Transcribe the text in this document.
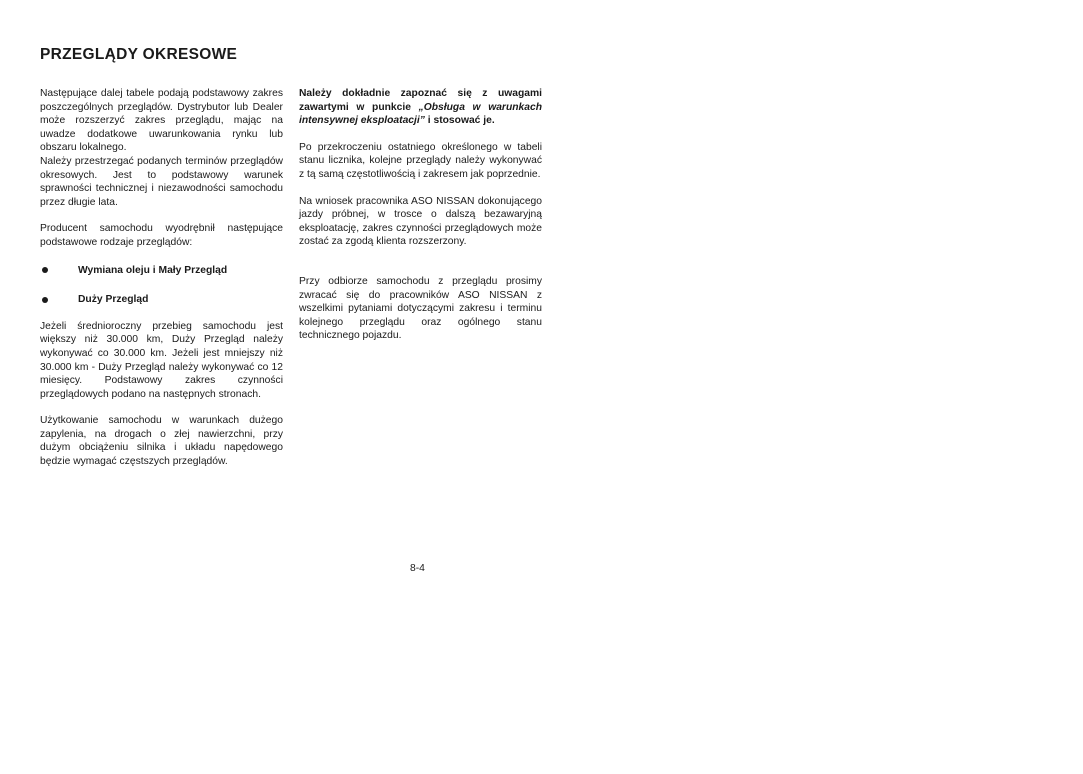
PRZEGLĄDY OKRESOWE

Następujące dalej tabele podają podstawowy zakres poszczególnych przeglądów. Dystrybutor lub Dealer może rozszerzyć zakres przeglądu, mając na uwadze dodatkowe uwarunkowania rynku lub obszaru lokalnego.

Należy przestrzegać podanych terminów przeglądów okresowych. Jest to podstawowy warunek sprawności technicznej i niezawodności samochodu przez długie lata.

Producent samochodu wyodrębnił następujące podstawowe rodzaje przeglądów:

Wymiana oleju i Mały Przegląd
Duży Przegląd

Jeżeli średnioroczny przebieg samochodu jest większy niż 30.000 km, Duży Przegląd należy wykonywać co 30.000 km. Jeżeli jest mniejszy niż 30.000 km - Duży Przegląd należy wykonywać co 12 miesięcy. Podstawowy zakres czynności przeglądowych podano na następnych stronach.

Użytkowanie samochodu w warunkach dużego zapylenia, na drogach o złej nawierzchni, przy dużym obciążeniu silnika i układu napędowego będzie wymagać częstszych przeglądów.

Należy dokładnie zapoznać się z uwagami zawartymi w punkcie „Obsługa w warunkach intensywnej eksploatacji” i stosować je.

Po przekroczeniu ostatniego określonego w tabeli stanu licznika, kolejne przeglądy należy wykonywać z tą samą częstotliwością i zakresem jak poprzednie.

Na wniosek pracownika ASO NISSAN dokonującego jazdy próbnej, w trosce o dalszą bezawaryjną eksploatację, zakres czynności przeglądowych może zostać za zgodą klienta rozszerzony.

Przy odbiorze samochodu z przeglądu prosimy zwracać się do pracowników ASO NISSAN z wszelkimi pytaniami dotyczącymi zakresu i terminu kolejnego przeglądu oraz ogólnego stanu technicznego pojazdu.

8-4
